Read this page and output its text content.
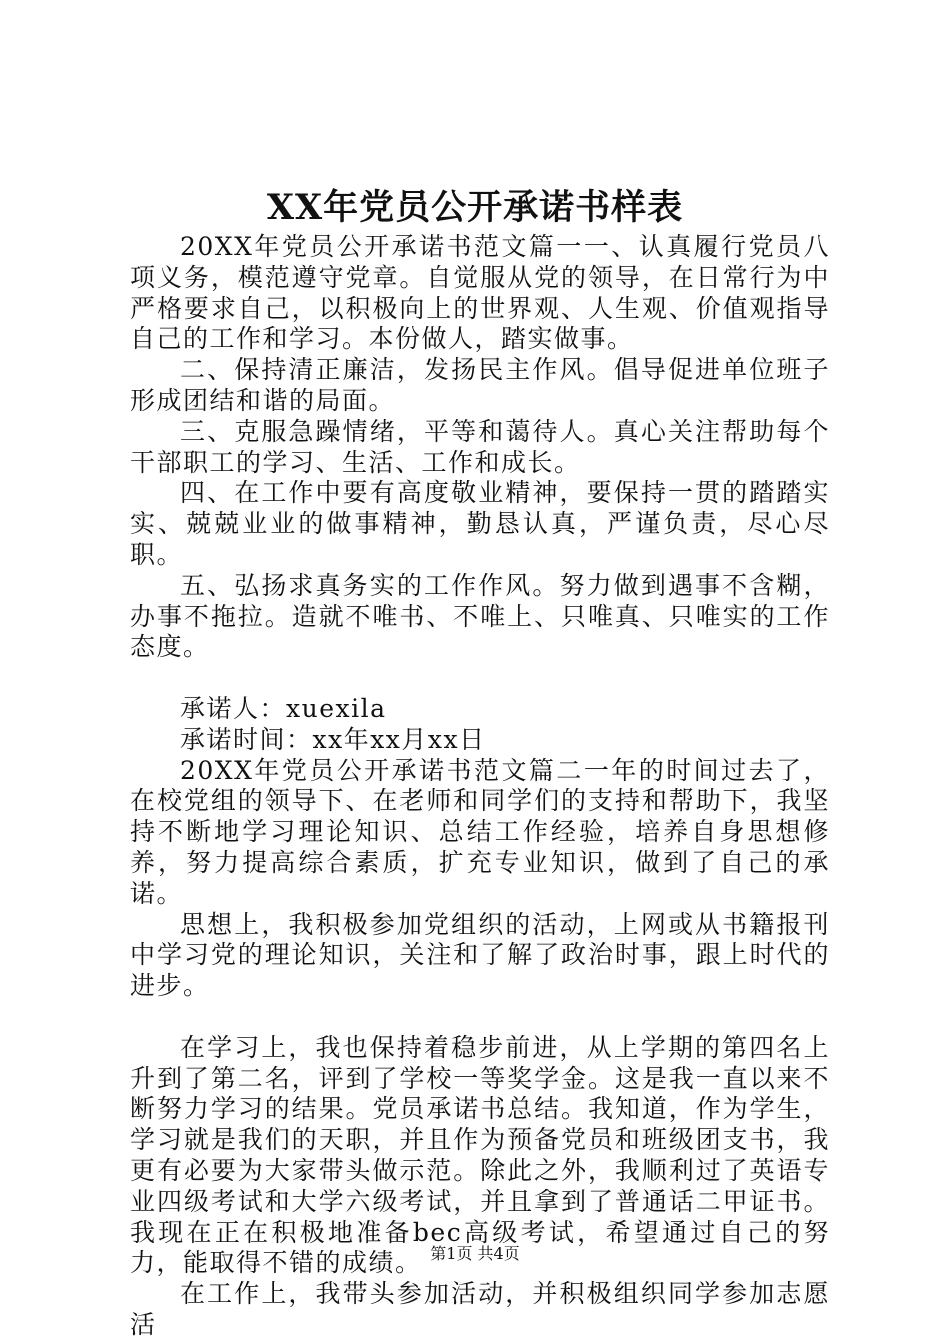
XX年党员公开承诺书样表

20XX年党员公开承诺书范文篇一一、认真履行党员八项义务，模范遵守党章。自觉服从党的领导，在日常行为中严格要求自己，以积极向上的世界观、人生观、价值观指导自己的工作和学习。本份做人，踏实做事。

二、保持清正廉洁，发扬民主作风。倡导促进单位班子形成团结和谐的局面。

三、克服急躁情绪，平等和蔼待人。真心关注帮助每个干部职工的学习、生活、工作和成长。

四、在工作中要有高度敬业精神，要保持一贯的踏踏实实、兢兢业业的做事精神，勤恳认真，严谨负责，尽心尽职。

五、弘扬求真务实的工作作风。努力做到遇事不含糊，办事不拖拉。造就不唯书、不唯上、只唯真、只唯实的工作态度。

承诺人：xuexila

承诺时间：xx年xx月xx日

20XX年党员公开承诺书范文篇二一年的时间过去了，在校党组的领导下、在老师和同学们的支持和帮助下，我坚持不断地学习理论知识、总结工作经验，培养自身思想修养，努力提高综合素质，扩充专业知识，做到了自己的承诺。

思想上，我积极参加党组织的活动，上网或从书籍报刊中学习党的理论知识，关注和了解了政治时事，跟上时代的进步。

在学习上，我也保持着稳步前进，从上学期的第四名上升到了第二名，评到了学校一等奖学金。这是我一直以来不断努力学习的结果。党员承诺书总结。我知道，作为学生，学习就是我们的天职，并且作为预备党员和班级团支书，我更有必要为大家带头做示范。除此之外，我顺利过了英语专业四级考试和大学六级考试，并且拿到了普通话二甲证书。我现在正在积极地准备bec高级考试，希望通过自己的努力，能取得不错的成绩。

在工作上，我带头参加活动，并积极组织同学参加志愿活

第1页 共4页
